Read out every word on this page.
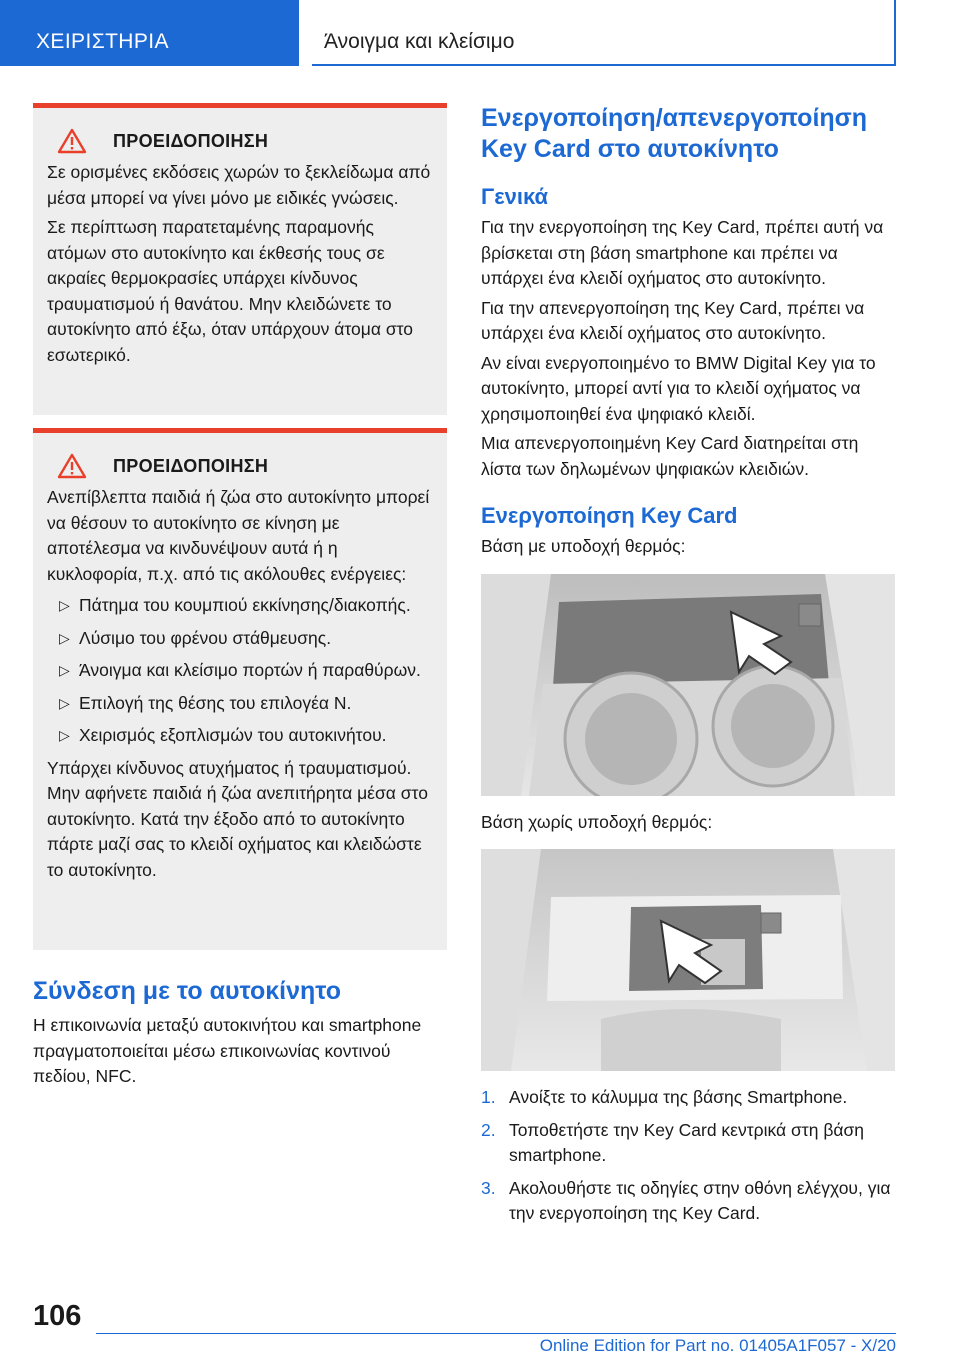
ΧΕΙΡΙΣΤΗΡΙΑ	Άνοιγμα και κλείσιμο
ΠΡΟΕΙΔΟΠΟΙΗΣΗ

Σε ορισμένες εκδόσεις χωρών το ξεκλείδωμα από μέσα μπορεί να γίνει μόνο με ειδικές γνώσεις.

Σε περίπτωση παρατεταμένης παραμονής ατόμων στο αυτοκίνητο και έκθεσής τους σε ακραίες θερμοκρασίες υπάρχει κίνδυνος τραυματισμού ή θανάτου. Μην κλειδώνετε το αυτοκίνητο από έξω, όταν υπάρχουν άτομα στο εσωτερικό.

ΠΡΟΕΙΔΟΠΟΙΗΣΗ

Ανεπίβλεπτα παιδιά ή ζώα στο αυτοκίνητο μπορεί να θέσουν το αυτοκίνητο σε κίνηση με αποτέλεσμα να κινδυνέψουν αυτά ή η κυκλοφορία, π.χ. από τις ακόλουθες ενέργειες:

▷ Πάτημα του κουμπιού εκκίνησης/διακοπής.
▷ Λύσιμο του φρένου στάθμευσης.
▷ Άνοιγμα και κλείσιμο πορτών ή παραθύρων.
▷ Επιλογή της θέσης του επιλογέα N.
▷ Χειρισμός εξοπλισμών του αυτοκινήτου.

Υπάρχει κίνδυνος ατυχήματος ή τραυματισμού. Μην αφήνετε παιδιά ή ζώα ανεπιτήρητα μέσα στο αυτοκίνητο. Κατά την έξοδο από το αυτοκίνητο πάρτε μαζί σας το κλειδί οχήματος και κλειδώστε το αυτοκίνητο.

Σύνδεση με το αυτοκίνητο

Η επικοινωνία μεταξύ αυτοκινήτου και smartphone πραγματοποιείται μέσω επικοινωνίας κοντινού πεδίου, NFC.

Ενεργοποίηση/απενεργοποίηση Key Card στο αυτοκίνητο
Γενικά

Για την ενεργοποίηση της Key Card, πρέπει αυτή να βρίσκεται στη βάση smartphone και πρέπει να υπάρχει ένα κλειδί οχήματος στο αυτοκίνητο.

Για την απενεργοποίηση της Key Card, πρέπει να υπάρχει ένα κλειδί οχήματος στο αυτοκίνητο.

Αν είναι ενεργοποιημένο το BMW Digital Key για το αυτοκίνητο, μπορεί αντί για το κλειδί οχήματος να χρησιμοποιηθεί ένα ψηφιακό κλειδί.

Μια απενεργοποιημένη Key Card διατηρείται στη λίστα των δηλωμένων ψηφιακών κλειδιών.

Ενεργοποίηση Key Card

Βάση με υποδοχή θερμός:

Βάση χωρίς υποδοχή θερμός:

1. Ανοίξτε το κάλυμμα της βάσης Smartphone.
2. Τοποθετήστε την Key Card κεντρικά στη βάση smartphone.
3. Ακολουθήστε τις οδηγίες στην οθόνη ελέγχου, για την ενεργοποίηση της Key Card.
106
Online Edition for Part no. 01405A1F057 - X/20
